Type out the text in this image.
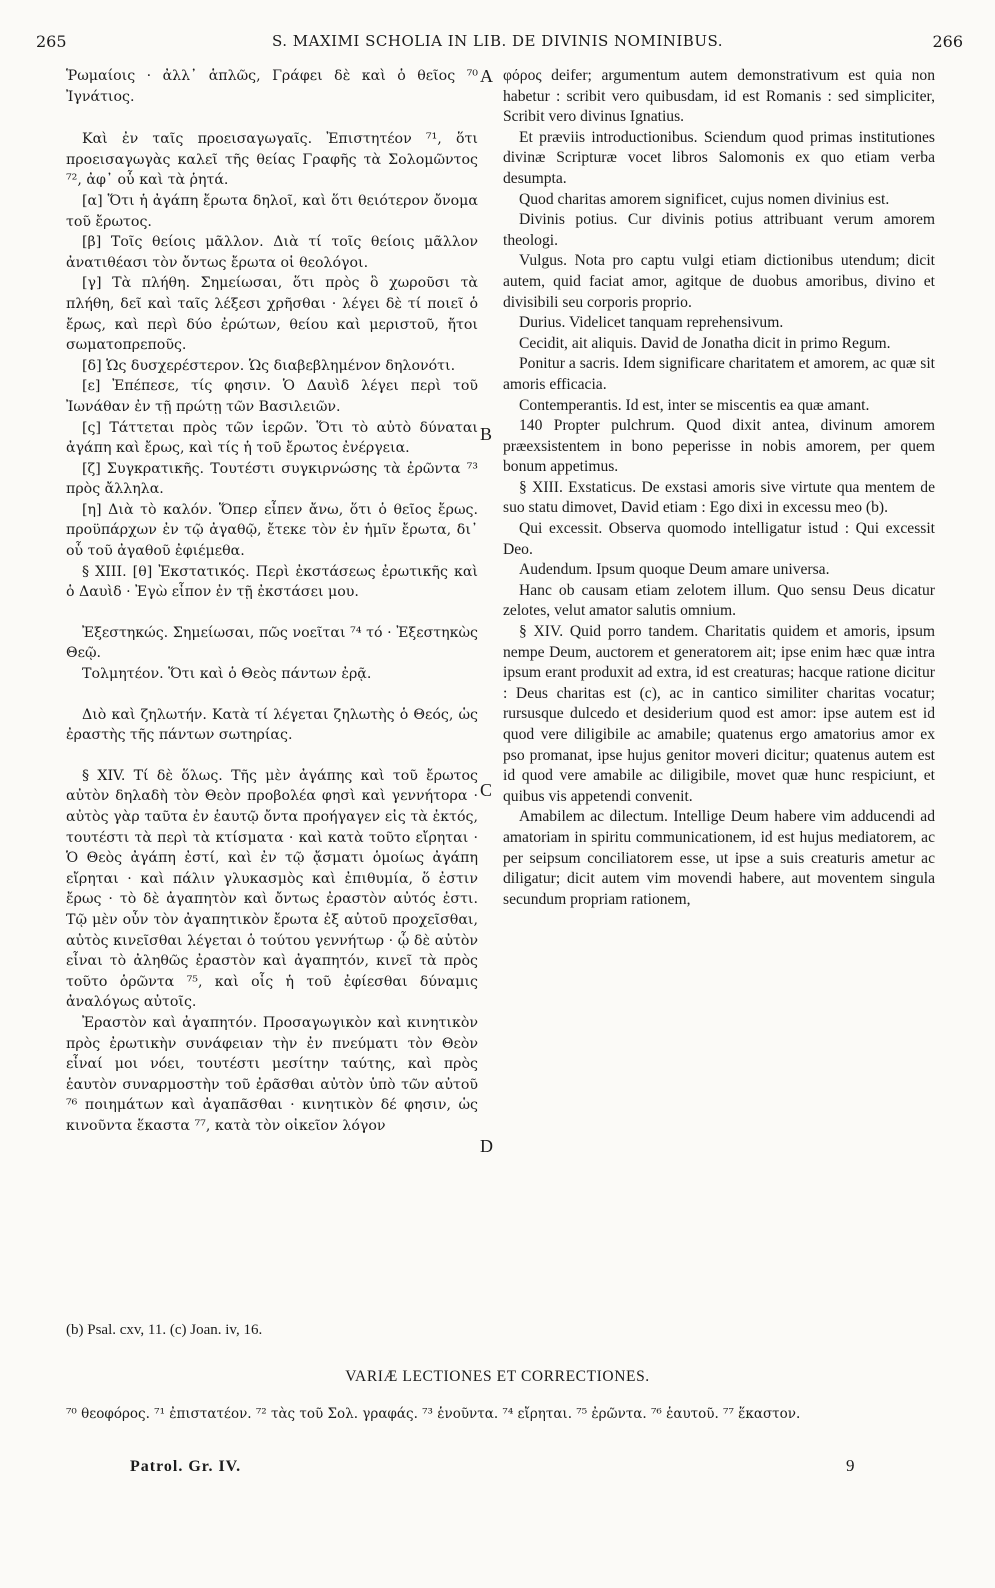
265	S. MAXIMI SCHOLIA IN LIB. DE DIVINIS NOMINIBUS.	266

Ῥωμαίοις · ἀλλ᾽ ἁπλῶς, Γράφει δὲ καὶ ὁ θεῖος ⁷⁰ Ἰγνάτιος.

Καὶ ἐν ταῖς προεισαγωγαῖς. Ἐπιστητέον ⁷¹, ὅτι προεισαγωγὰς καλεῖ τῆς θείας Γραφῆς τὰ Σολομῶντος ⁷², ἀφ᾽ οὗ καὶ τὰ ῥητά.

[α] Ὅτι ἡ ἀγάπη ἔρωτα δηλοῖ, καὶ ὅτι θειότερον ὄνομα τοῦ ἔρωτος.

[β] Τοῖς θείοις μᾶλλον. Διὰ τί τοῖς θείοις μᾶλλον ἀνατιθέασι τὸν ὄντως ἔρωτα οἱ θεολόγοι.

[γ] Τὰ πλήθη. Σημείωσαι, ὅτι πρὸς ὃ χωροῦσι τὰ πλήθη, δεῖ καὶ ταῖς λέξεσι χρῆσθαι · λέγει δὲ τί ποιεῖ ὁ ἔρως, καὶ περὶ δύο ἐρώτων, θείου καὶ μεριστοῦ, ἤτοι σωματοπρεποῦς.

[δ] Ὡς δυσχερέστερον. Ὡς διαβεβλημένον δηλονότι.

[ε] Ἐπέπεσε, τίς φησιν. Ὁ Δαυὶδ λέγει περὶ τοῦ Ἰωνάθαν ἐν τῇ πρώτῃ τῶν Βασιλειῶν.

[ς] Τάττεται πρὸς τῶν ἱερῶν. Ὅτι τὸ αὐτὸ δύναται ἀγάπη καὶ ἔρως, καὶ τίς ἡ τοῦ ἔρωτος ἐνέργεια.

[ζ] Συγκρατικῆς. Τουτέστι συγκιρνώσης τὰ ἐρῶντα ⁷³ πρὸς ἄλληλα.

[η] Διὰ τὸ καλόν. Ὅπερ εἶπεν ἄνω, ὅτι ὁ θεῖος ἔρως. προϋπάρχων ἐν τῷ ἀγαθῷ, ἔτεκε τὸν ἐν ἡμῖν ἔρωτα, δι᾽ οὗ τοῦ ἀγαθοῦ ἐφιέμεθα.

§ XIII. [θ] Ἐκστατικός. Περὶ ἐκστάσεως ἐρωτικῆς καὶ ὁ Δαυὶδ · Ἐγὼ εἶπον ἐν τῇ ἐκστάσει μου.

Ἐξεστηκώς. Σημείωσαι, πῶς νοεῖται ⁷⁴ τό · Ἐξεστηκὼς Θεῷ.

Τολμητέον. Ὅτι καὶ ὁ Θεὸς πάντων ἐρᾷ.

Διὸ καὶ ζηλωτήν. Κατὰ τί λέγεται ζηλωτὴς ὁ Θεός, ὡς ἐραστὴς τῆς πάντων σωτηρίας.

§ XIV. Τί δὲ ὅλως. Τῆς μὲν ἀγάπης καὶ τοῦ ἔρωτος αὐτὸν δηλαδὴ τὸν Θεὸν προβολέα φησὶ καὶ γεννήτορα · αὐτὸς γὰρ ταῦτα ἐν ἑαυτῷ ὄντα προήγαγεν εἰς τὰ ἐκτός, τουτέστι τὰ περὶ τὰ κτίσματα · καὶ κατὰ τοῦτο εἴρηται · Ὁ Θεὸς ἀγάπη ἐστί, καὶ ἐν τῷ ᾄσματι ὁμοίως ἀγάπη εἴρηται · καὶ πάλιν γλυκασμὸς καὶ ἐπιθυμία, ὅ ἐστιν ἔρως · τὸ δὲ ἀγαπητὸν καὶ ὄντως ἐραστὸν αὐτός ἐστι. Τῷ μὲν οὖν τὸν ἀγαπητικὸν ἔρωτα ἐξ αὐτοῦ προχεῖσθαι, αὐτὸς κινεῖσθαι λέγεται ὁ τούτου γεννήτωρ · ᾧ δὲ αὐτὸν εἶναι τὸ ἀληθῶς ἐραστὸν καὶ ἀγαπητόν, κινεῖ τὰ πρὸς τοῦτο ὁρῶντα ⁷⁵, καὶ οἷς ἡ τοῦ ἐφίεσθαι δύναμις ἀναλόγως αὐτοῖς.

Ἐραστὸν καὶ ἀγαπητόν. Προσαγωγικὸν καὶ κινητικὸν πρὸς ἐρωτικὴν συνάφειαν τὴν ἐν πνεύματι τὸν Θεὸν εἶναί μοι νόει, τουτέστι μεσίτην ταύτης, καὶ πρὸς ἑαυτὸν συναρμοστὴν τοῦ ἐρᾶσθαι αὐτὸν ὑπὸ τῶν αὐτοῦ ⁷⁶ ποιημάτων καὶ ἀγαπᾶσθαι · κινητικὸν δέ φησιν, ὡς κινοῦντα ἕκαστα ⁷⁷, κατὰ τὸν οἰκεῖον λόγον

A
B
C
D

φόρος deifer; argumentum autem demonstrativum est quia non habetur : scribit vero quibusdam, id est Romanis : sed simpliciter, Scribit vero divinus Ignatius.

Et præviis introductionibus. Sciendum quod primas institutiones divinæ Scripturæ vocet libros Salomonis ex quo etiam verba desumpta.

Quod charitas amorem significet, cujus nomen divinius est.

Divinis potius. Cur divinis potius attribuant verum amorem theologi.

Vulgus. Nota pro captu vulgi etiam dictionibus utendum; dicit autem, quid faciat amor, agitque de duobus amoribus, divino et divisibili seu corporis proprio.

Durius. Videlicet tanquam reprehensivum.

Cecidit, ait aliquis. David de Jonatha dicit in primo Regum.

Ponitur a sacris. Idem significare charitatem et amorem, ac quæ sit amoris efficacia.

Contemperantis. Id est, inter se miscentis ea quæ amant.

140 Propter pulchrum. Quod dixit antea, divinum amorem præexsistentem in bono peperisse in nobis amorem, per quem bonum appetimus.

§ XIII. Exstaticus. De exstasi amoris sive virtute qua mentem de suo statu dimovet, David etiam : Ego dixi in excessu meo (b).

Qui excessit. Observa quomodo intelligatur istud : Qui excessit Deo.

Audendum. Ipsum quoque Deum amare universa.

Hanc ob causam etiam zelotem illum. Quo sensu Deus dicatur zelotes, velut amator salutis omnium.

§ XIV. Quid porro tandem. Charitatis quidem et amoris, ipsum nempe Deum, auctorem et generatorem ait; ipse enim hæc quæ intra ipsum erant produxit ad extra, id est creaturas; hacque ratione dicitur : Deus charitas est (c), ac in cantico similiter charitas vocatur; rursusque dulcedo et desiderium quod est amor: ipse autem est id quod vere diligibile ac amabile; quatenus ergo amatorius amor ex pso promanat, ipse hujus genitor moveri dicitur; quatenus autem est id quod vere amabile ac diligibile, movet quæ hunc respiciunt, et quibus vis appetendi convenit.

Amabilem ac dilectum. Intellige Deum habere vim adducendi ad amatoriam in spiritu communicationem, id est hujus mediatorem, ac per seipsum conciliatorem esse, ut ipse a suis creaturis ametur ac diligatur; dicit autem vim movendi habere, aut moventem singula secundum propriam rationem,

(b) Psal. cxv, 11. (c) Joan. iv, 16.
VARIÆ LECTIONES ET CORRECTIONES.
⁷⁰ θεοφόρος. ⁷¹ ἐπιστατέον. ⁷² τὰς τοῦ Σολ. γραφάς. ⁷³ ἑνοῦντα. ⁷⁴ εἴρηται. ⁷⁵ ἐρῶντα. ⁷⁶ ἑαυτοῦ. ⁷⁷ ἕκαστον.
Patrol. Gr. IV.	9
